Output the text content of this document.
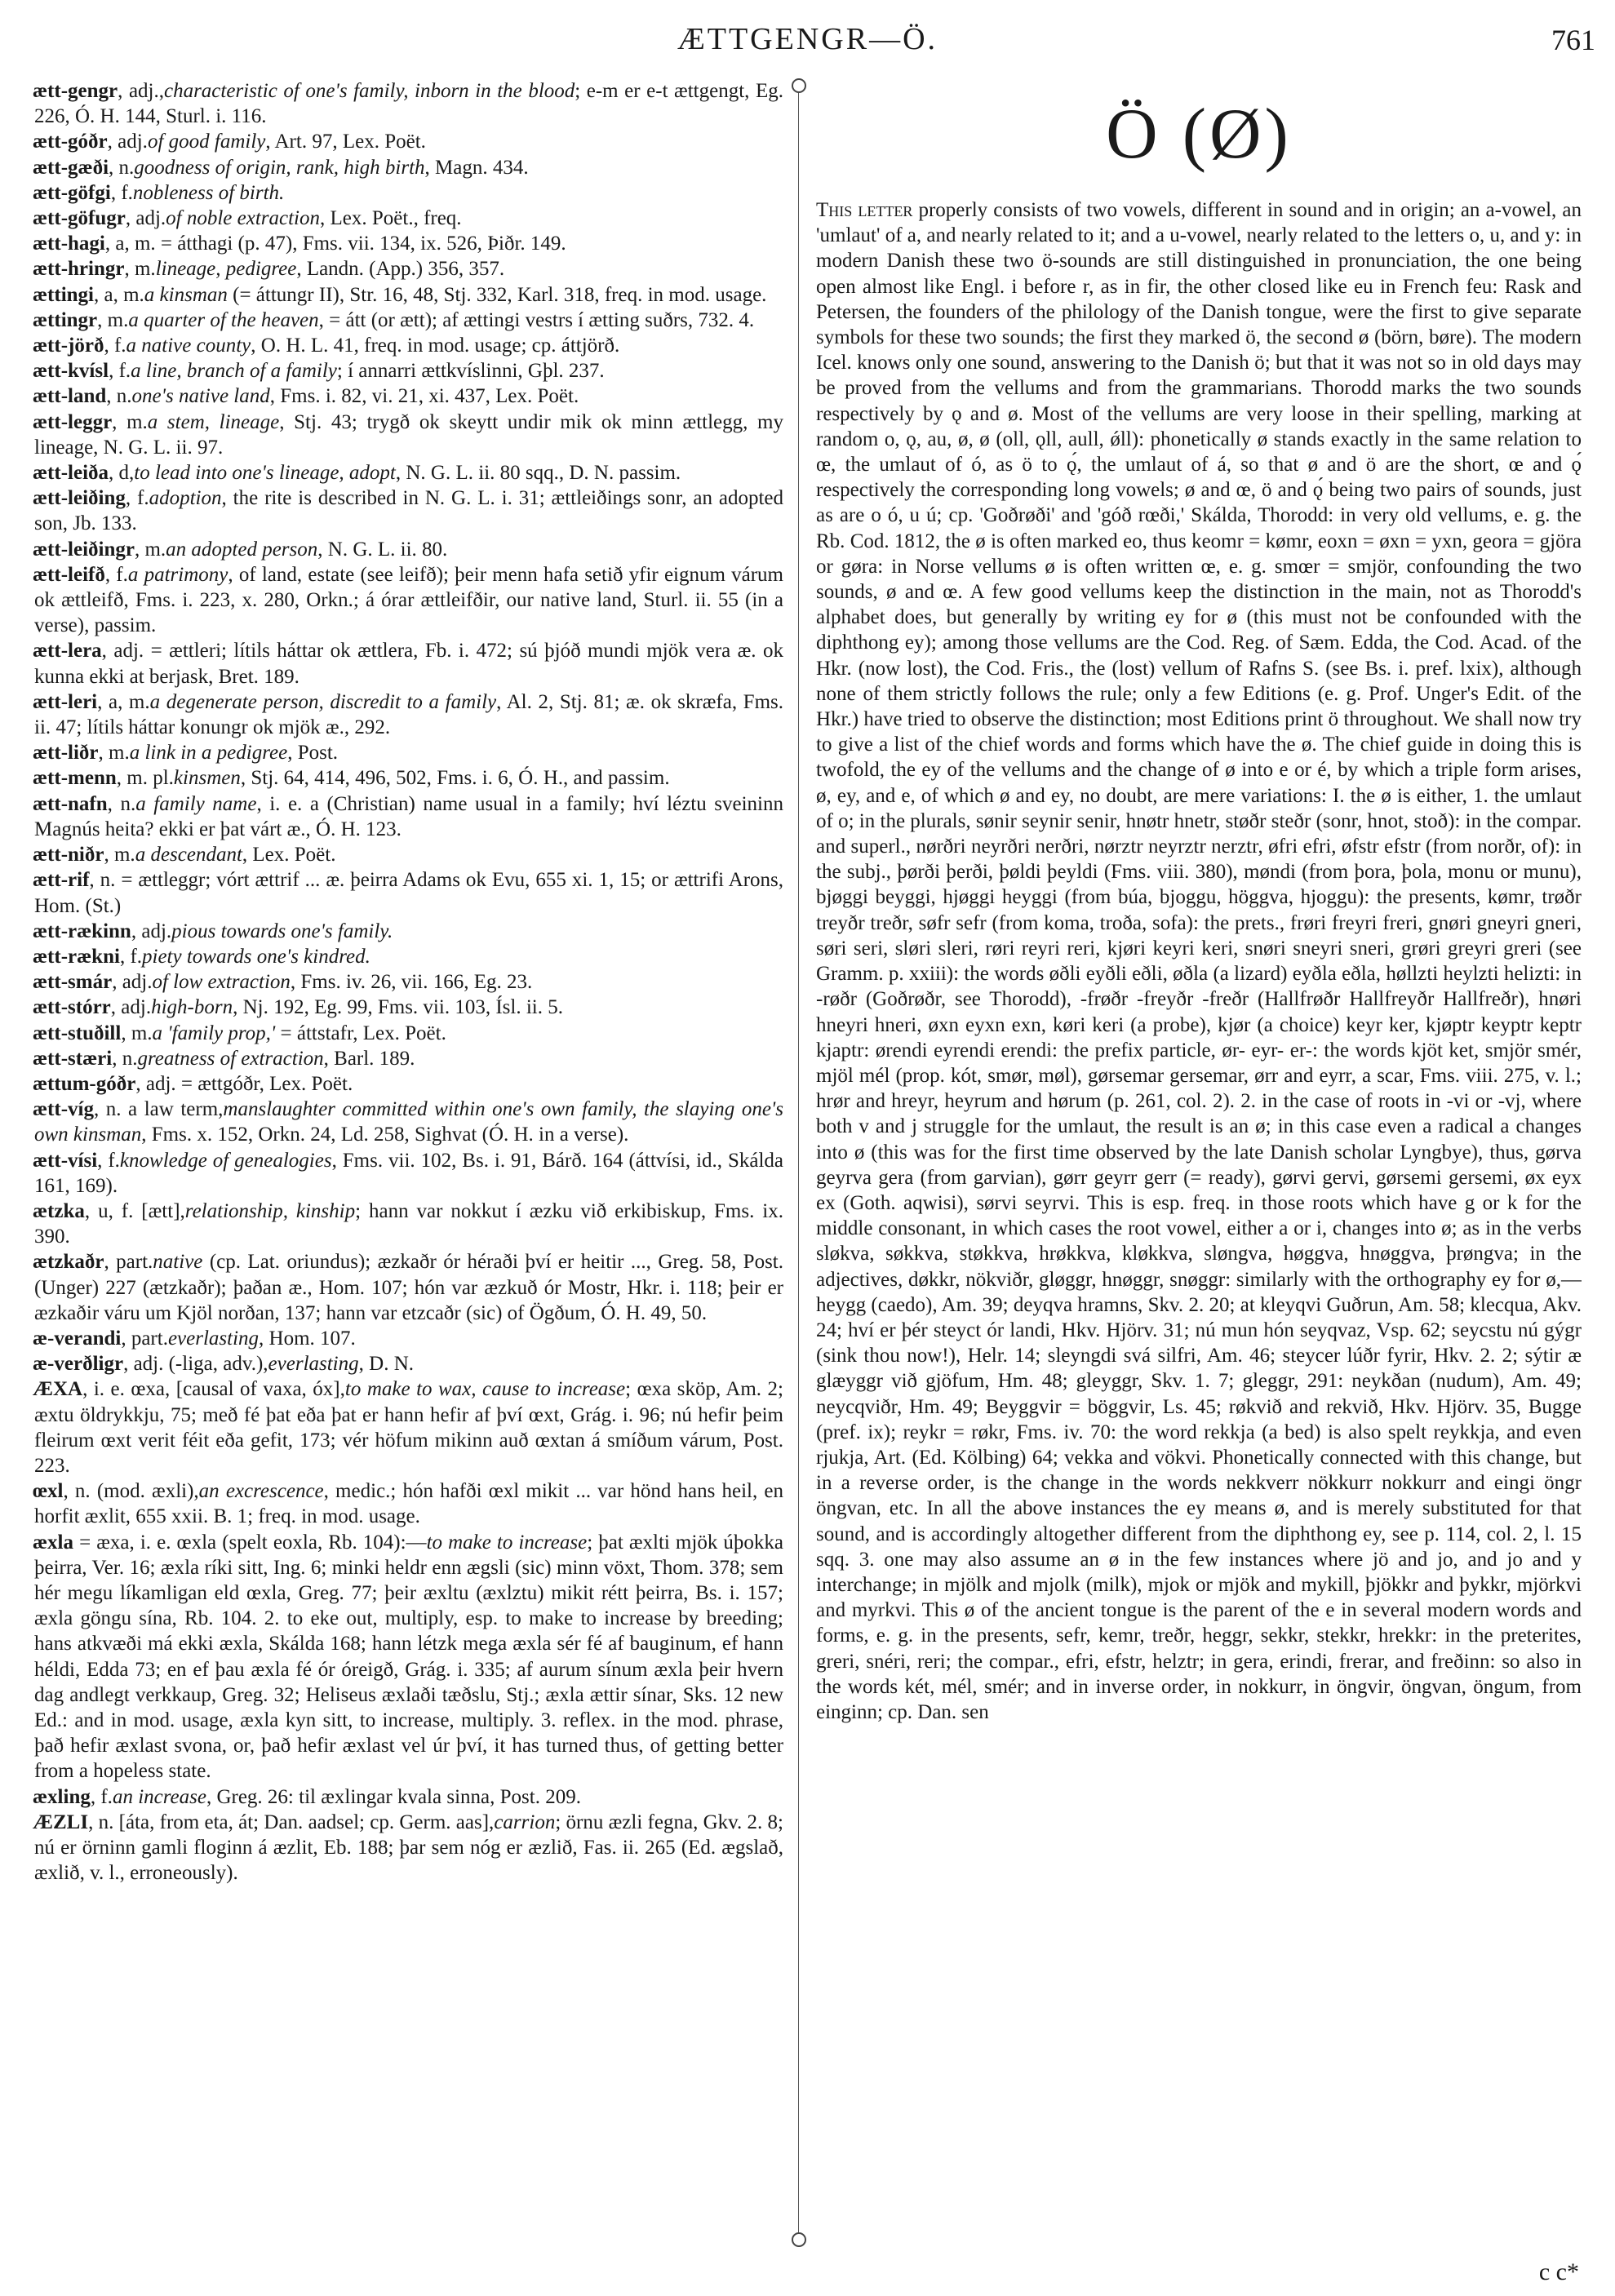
ÆTTGENGR—Ö.	761

ætt-gengr, adj.,characteristic of one's family, inborn in the blood; e-m er e-t ættgengt, Eg. 226, Ó. H. 144, Sturl. i. 116.

ætt-góðr, adj.of good family, Art. 97, Lex. Poët.

ætt-gæði, n.goodness of origin, rank, high birth, Magn. 434.

ætt-göfgi, f.nobleness of birth.

ætt-göfugr, adj.of noble extraction, Lex. Poët., freq.

ætt-hagi, a, m. = átthagi (p. 47), Fms. vii. 134, ix. 526, Þiðr. 149.

ætt-hringr, m.lineage, pedigree, Landn. (App.) 356, 357.

ættingi, a, m.a kinsman (= áttungr II), Str. 16, 48, Stj. 332, Karl. 318, freq. in mod. usage.

ættingr, m.a quarter of the heaven, = átt (or ætt); af ættingi vestrs í ætting suðrs, 732. 4.

ætt-jörð, f.a native county, O. H. L. 41, freq. in mod. usage; cp. áttjörð.

ætt-kvísl, f.a line, branch of a family; í annarri ættkvíslinni, Gþl. 237.

ætt-land, n.one's native land, Fms. i. 82, vi. 21, xi. 437, Lex. Poët.

ætt-leggr, m.a stem, lineage, Stj. 43; trygð ok skeytt undir mik ok minn ættlegg, my lineage, N. G. L. ii. 97.

ætt-leiða, d,to lead into one's lineage, adopt, N. G. L. ii. 80 sqq., D. N. passim.

ætt-leiðing, f.adoption, the rite is described in N. G. L. i. 31; ættleiðings sonr, an adopted son, Jb. 133.

ætt-leiðingr, m.an adopted person, N. G. L. ii. 80.

ætt-leifð, f.a patrimony, of land, estate (see leifð); þeir menn hafa setið yfir eignum várum ok ættleifð, Fms. i. 223, x. 280, Orkn.; á órar ættleifðir, our native land, Sturl. ii. 55 (in a verse), passim.

ætt-lera, adj. = ættleri; lítils háttar ok ættlera, Fb. i. 472; sú þjóð mundi mjök vera æ. ok kunna ekki at berjask, Bret. 189.

ætt-leri, a, m.a degenerate person, discredit to a family, Al. 2, Stj. 81; æ. ok skræfa, Fms. ii. 47; lítils háttar konungr ok mjök æ., 292.

ætt-liðr, m.a link in a pedigree, Post.

ætt-menn, m. pl.kinsmen, Stj. 64, 414, 496, 502, Fms. i. 6, Ó. H., and passim.

ætt-nafn, n.a family name, i. e. a (Christian) name usual in a family; hví léztu sveininn Magnús heita? ekki er þat várt æ., Ó. H. 123.

ætt-niðr, m.a descendant, Lex. Poët.

ætt-rif, n. = ættleggr; vórt ættrif ... æ. þeirra Adams ok Evu, 655 xi. 1, 15; or ættrifi Arons, Hom. (St.)

ætt-rækinn, adj.pious towards one's family.

ætt-rækni, f.piety towards one's kindred.

ætt-smár, adj.of low extraction, Fms. iv. 26, vii. 166, Eg. 23.

ætt-stórr, adj.high-born, Nj. 192, Eg. 99, Fms. vii. 103, Ísl. ii. 5.

ætt-stuðill, m.a 'family prop,' = áttstafr, Lex. Poët.

ætt-stæri, n.greatness of extraction, Barl. 189.

ættum-góðr, adj. = ættgóðr, Lex. Poët.

ætt-víg, n. a law term,manslaughter committed within one's own family, the slaying one's own kinsman, Fms. x. 152, Orkn. 24, Ld. 258, Sighvat (Ó. H. in a verse).

ætt-vísi, f.knowledge of genealogies, Fms. vii. 102, Bs. i. 91, Bárð. 164 (áttvísi, id., Skálda 161, 169).

ætzka, u, f. [ætt],relationship, kinship; hann var nokkut í æzku við erkibiskup, Fms. ix. 390.

ætzkaðr, part.native (cp. Lat. oriundus); æzkaðr ór héraði því er heitir ..., Greg. 58, Post. (Unger) 227 (ætzkaðr); þaðan æ., Hom. 107; hón var æzkuð ór Mostr, Hkr. i. 118; þeir er æzkaðir váru um Kjöl norðan, 137; hann var etzcaðr (sic) of Ögðum, Ó. H. 49, 50.

æ-verandi, part.everlasting, Hom. 107.

æ-verðligr, adj. (-liga, adv.),everlasting, D. N.

ÆXA, i. e. œxa, [causal of vaxa, óx],to make to wax, cause to increase; œxa sköp, Am. 2; æxtu öldrykkju, 75; með fé þat eða þat er hann hefir af því œxt, Grág. i. 96; nú hefir þeim fleirum œxt verit féit eða gefit, 173; vér höfum mikinn auð œxtan á smíðum várum, Post. 223.

œxl, n. (mod. æxli),an excrescence, medic.; hón hafði œxl mikit ... var hönd hans heil, en horfit æxlit, 655 xxii. B. 1; freq. in mod. usage.

æxla = æxa, i. e. œxla (spelt eoxla, Rb. 104):—to make to increase; þat æxlti mjök úþokka þeirra, Ver. 16; æxla ríki sitt, Ing. 6; minki heldr enn ægsli (sic) minn vöxt, Thom. 378; sem hér megu líkamligan eld œxla, Greg. 77; þeir æxltu (æxlztu) mikit rétt þeirra, Bs. i. 157; æxla göngu sína, Rb. 104. 2. to eke out, multiply, esp. to make to increase by breeding; hans atkvæði má ekki æxla, Skálda 168; hann létzk mega æxla sér fé af bauginum, ef hann héldi, Edda 73; en ef þau æxla fé ór óreigð, Grág. i. 335; af aurum sínum æxla þeir hvern dag andlegt verkkaup, Greg. 32; Heliseus æxlaði tæðslu, Stj.; æxla ættir sínar, Sks. 12 new Ed.: and in mod. usage, æxla kyn sitt, to increase, multiply. 3. reflex. in the mod. phrase, það hefir æxlast svona, or, það hefir æxlast vel úr því, it has turned thus, of getting better from a hopeless state.

æxling, f.an increase, Greg. 26: til æxlingar kvala sinna, Post. 209.

ÆZLI, n. [áta, from eta, át; Dan. aadsel; cp. Germ. aas],carrion; örnu æzli fegna, Gkv. 2. 8; nú er örninn gamli floginn á æzlit, Eb. 188; þar sem nóg er æzlið, Fas. ii. 265 (Ed. ægslað, æxlið, v. l., erroneously).

Ö (Ø)

This letter properly consists of two vowels, different in sound and in origin; an a-vowel, an 'umlaut' of a, and nearly related to it; and a u-vowel, nearly related to the letters o, u, and y: in modern Danish these two ö-sounds are still distinguished in pronunciation, the one being open almost like Engl. i before r, as in fir, the other closed like eu in French feu: Rask and Petersen, the founders of the philology of the Danish tongue, were the first to give separate symbols for these two sounds; the first they marked ö, the second ø (börn, børe). The modern Icel. knows only one sound, answering to the Danish ö; but that it was not so in old days may be proved from the vellums and from the grammarians. Thorodd marks the two sounds respectively by ǫ and ø. Most of the vellums are very loose in their spelling, marking at random o, ǫ, au, ø, ø (oll, ǫll, aull, ǿll): phonetically ø stands exactly in the same relation to œ, the umlaut of ó, as ö to ǫ́, the umlaut of á, so that ø and ö are the short, œ and ǫ́ respectively the corresponding long vowels; ø and œ, ö and ǫ́ being two pairs of sounds, just as are o ó, u ú; cp. 'Goðrøði' and 'góð rœði,' Skálda, Thorodd: in very old vellums, e. g. the Rb. Cod. 1812, the ø is often marked eo, thus keomr = kømr, eoxn = øxn = yxn, geora = gjöra or gøra: in Norse vellums ø is often written œ, e. g. smœr = smjör, confounding the two sounds, ø and œ. A few good vellums keep the distinction in the main, not as Thorodd's alphabet does, but generally by writing ey for ø (this must not be confounded with the diphthong ey); among those vellums are the Cod. Reg. of Sæm. Edda, the Cod. Acad. of the Hkr. (now lost), the Cod. Fris., the (lost) vellum of Rafns S. (see Bs. i. pref. lxix), although none of them strictly follows the rule; only a few Editions (e. g. Prof. Unger's Edit. of the Hkr.) have tried to observe the distinction; most Editions print ö throughout. We shall now try to give a list of the chief words and forms which have the ø. The chief guide in doing this is twofold, the ey of the vellums and the change of ø into e or é, by which a triple form arises, ø, ey, and e, of which ø and ey, no doubt, are mere variations: I. the ø is either, 1. the umlaut of o; in the plurals, sønir seynir senir, hnøtr hnetr, støðr steðr (sonr, hnot, stoð): in the compar. and superl., nørðri neyrðri nerðri, nørztr neyrztr nerztr, øfri efri, øfstr efstr (from norðr, of): in the subj., þørði þerði, þøldi þeyldi (Fms. viii. 380), møndi (from þora, þola, monu or munu), bjøggi beyggi, hjøggi heyggi (from búa, bjoggu, höggva, hjoggu): the presents, kømr, trøðr treyðr treðr, søfr sefr (from koma, troða, sofa): the prets., frøri freyri freri, gnøri gneyri gneri, søri seri, sløri sleri, røri reyri reri, kjøri keyri keri, snøri sneyri sneri, grøri greyri greri (see Gramm. p. xxiii): the words øðli eyðli eðli, øðla (a lizard) eyðla eðla, høllzti heylzti helizti: in -røðr (Goðrøðr, see Thorodd), -frøðr -freyðr -freðr (Hallfrøðr Hallfreyðr Hallfreðr), hnøri hneyri hneri, øxn eyxn exn, køri keri (a probe), kjør (a choice) keyr ker, kjøptr keyptr keptr kjaptr: ørendi eyrendi erendi: the prefix particle, ør- eyr- er-: the words kjöt ket, smjör smér, mjöl mél (prop. kót, smør, møl), gørsemar gersemar, ørr and eyrr, a scar, Fms. viii. 275, v. l.; hrør and hreyr, heyrum and hørum (p. 261, col. 2). 2. in the case of roots in -vi or -vj, where both v and j struggle for the umlaut, the result is an ø; in this case even a radical a changes into ø (this was for the first time observed by the late Danish scholar Lyngbye), thus, gørva geyrva gera (from garvian), gørr geyrr gerr (= ready), gørvi gervi, gørsemi gersemi, øx eyx ex (Goth. aqwisi), sørvi seyrvi. This is esp. freq. in those roots which have g or k for the middle consonant, in which cases the root vowel, either a or i, changes into ø; as in the verbs sløkva, søkkva, støkkva, hrøkkva, kløkkva, sløngva, høggva, hnøggva, þrøngva; in the adjectives, døkkr, nökviðr, gløggr, hnøggr, snøggr: similarly with the orthography ey for ø,—heygg (caedo), Am. 39; deyqva hramns, Skv. 2. 20; at kleyqvi Guðrun, Am. 58; klecqua, Akv. 24; hví er þér steyct ór landi, Hkv. Hjörv. 31; nú mun hón seyqvaz, Vsp. 62; seycstu nú gýgr (sink thou now!), Helr. 14; sleyngdi svá silfri, Am. 46; steycer lúðr fyrir, Hkv. 2. 2; sýtir æ glæyggr við gjöfum, Hm. 48; gleyggr, Skv. 1. 7; gleggr, 291: neykðan (nudum), Am. 49; neycqviðr, Hm. 49; Beyggvir = böggvir, Ls. 45; røkvið and rekvið, Hkv. Hjörv. 35, Bugge (pref. ix); reykr = røkr, Fms. iv. 70: the word rekkja (a bed) is also spelt reykkja, and even rjukja, Art. (Ed. Kölbing) 64; vekka and vökvi. Phonetically connected with this change, but in a reverse order, is the change in the words nekkverr nökkurr nokkurr and eingi öngr öngvan, etc. In all the above instances the ey means ø, and is merely substituted for that sound, and is accordingly altogether different from the diphthong ey, see p. 114, col. 2, l. 15 sqq. 3. one may also assume an ø in the few instances where jö and jo, and jo and y interchange; in mjölk and mjolk (milk), mjok or mjök and mykill, þjökkr and þykkr, mjörkvi and myrkvi. This ø of the ancient tongue is the parent of the e in several modern words and forms, e. g. in the presents, sefr, kemr, treðr, heggr, sekkr, stekkr, hrekkr: in the preterites, greri, snéri, reri; the compar., efri, efstr, helztr; in gera, erindi, frerar, and freðinn: so also in the words két, mél, smér; and in inverse order, in nokkurr, in öngvir, öngvan, öngum, from einginn; cp. Dan. sen

c c*
